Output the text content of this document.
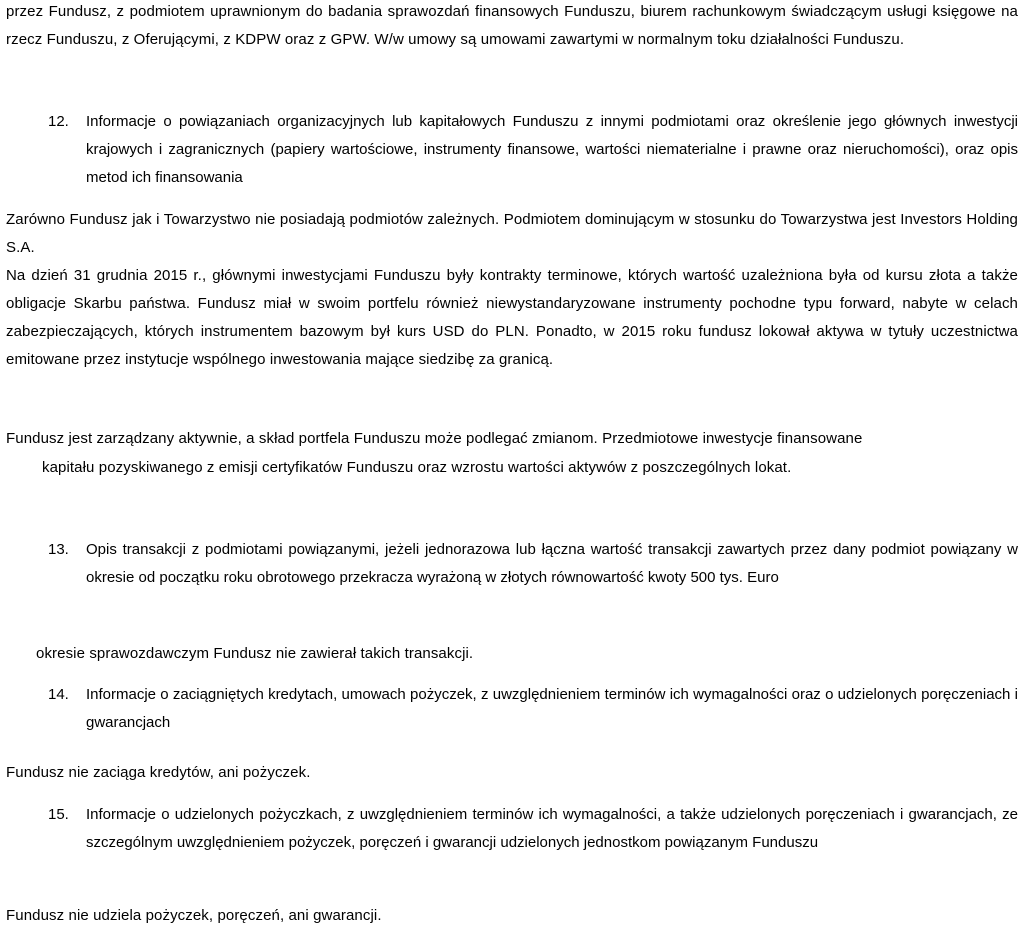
przez Fundusz, z podmiotem uprawnionym do badania sprawozdań finansowych Funduszu, biurem rachunkowym świadczącym usługi księgowe na rzecz Funduszu, z Oferującymi, z KDPW oraz z GPW. W/w umowy są umowami zawartymi w normalnym toku działalności Funduszu.
12. Informacje o powiązaniach organizacyjnych lub kapitałowych Funduszu z innymi podmiotami oraz określenie jego głównych inwestycji krajowych i zagranicznych (papiery wartościowe, instrumenty finansowe, wartości niematerialne i prawne oraz nieruchomości), oraz opis metod ich finansowania
Zarówno Fundusz jak i Towarzystwo nie posiadają podmiotów zależnych. Podmiotem dominującym w stosunku do Towarzystwa jest Investors Holding S.A.
Na dzień 31 grudnia 2015 r., głównymi inwestycjami Funduszu były kontrakty terminowe, których wartość uzależniona była od kursu złota a także obligacje Skarbu państwa. Fundusz miał w swoim portfelu również niewystandaryzowane instrumenty pochodne typu forward, nabyte w celach zabezpieczających, których instrumentem bazowym był kurs USD do PLN. Ponadto, w 2015 roku fundusz lokował aktywa w tytuły uczestnictwa emitowane przez instytucje wspólnego inwestowania mające siedzibę za granicą.
Fundusz jest zarządzany aktywnie, a skład portfela Funduszu może podlegać zmianom. Przedmiotowe inwestycje finansowane
kapitału pozyskiwanego z emisji certyfikatów Funduszu oraz wzrostu wartości aktywów z poszczególnych lokat.
13. Opis transakcji z podmiotami powiązanymi, jeżeli jednorazowa lub łączna wartość transakcji zawartych przez dany podmiot powiązany w okresie od początku roku obrotowego przekracza wyrażoną w złotych równowartość kwoty 500 tys. Euro
okresie sprawozdawczym Fundusz nie zawierał takich transakcji.
14. Informacje o zaciągniętych kredytach, umowach pożyczek, z uwzględnieniem terminów ich wymagalności oraz o udzielonych poręczeniach i gwarancjach
Fundusz nie zaciąga kredytów, ani pożyczek.
15. Informacje o udzielonych pożyczkach, z uwzględnieniem terminów ich wymagalności, a także udzielonych poręczeniach i gwarancjach, ze szczególnym uwzględnieniem pożyczek, poręczeń i gwarancji udzielonych jednostkom powiązanym Funduszu
Fundusz nie udziela pożyczek, poręczeń, ani gwarancji.
